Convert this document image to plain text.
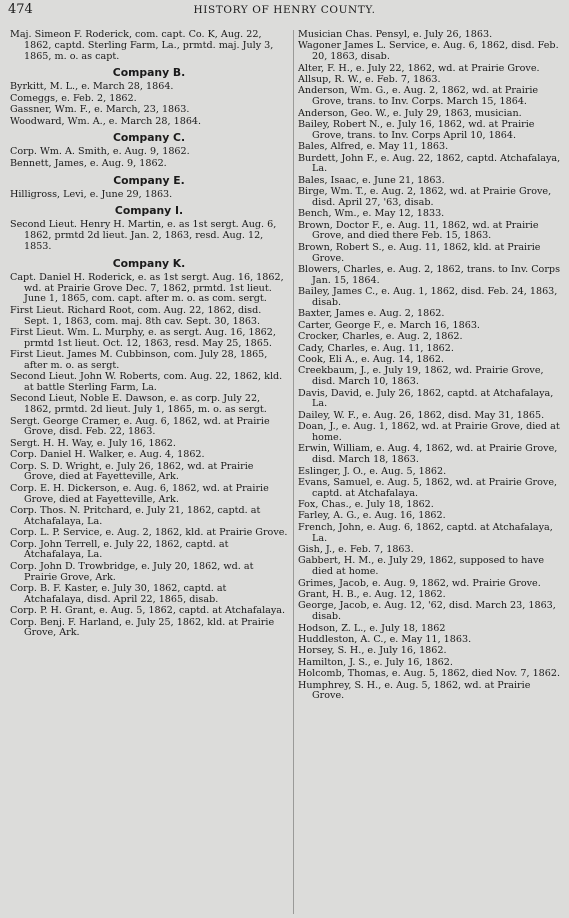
474	HISTORY OF HENRY COUNTY.
Maj. Simeon F. Roderick, com. capt. Co. K, Aug. 22, 1862, captd. Sterling Farm, La., prmtd. maj. July 3, 1865, m. o. as capt.
Company B.
Byrkitt, M. L., e. March 28, 1864.
Comeggs, e. Feb. 2, 1862.
Gassner, Wm. F., e. March, 23, 1863.
Woodward, Wm. A., e. March 28, 1864.
Company C.
Corp. Wm. A. Smith, e. Aug. 9, 1862.
Bennett, James, e. Aug. 9, 1862.
Company E.
Hilligross, Levi, e. June 29, 1863.
Company I.
Second Lieut. Henry H. Martin, e. as 1st sergt. Aug. 6, 1862, prmtd 2d lieut. Jan. 2, 1863, resd. Aug. 12, 1853.
Company K.
Capt. Daniel H. Roderick, e. as 1st sergt. Aug. 16, 1862, wd. at Prairie Grove Dec. 7, 1862, prmtd. 1st lieut. June 1, 1865, com. capt. after m. o. as com. sergt.
First Lieut. Richard Root, com. Aug. 22, 1862, disd. Sept. 1, 1863, com. maj. 8th cav. Sept. 30, 1863.
First Lieut. Wm. L. Murphy, e. as sergt. Aug. 16, 1862, prmtd 1st lieut. Oct. 12, 1863, resd. May 25, 1865.
First Lieut. James M. Cubbinson, com. July 28, 1865, after m. o. as sergt.
Second Lieut. John W. Roberts, com. Aug. 22, 1862, kld. at battle Sterling Farm, La.
Second Lieut, Noble E. Dawson, e. as corp. July 22, 1862, prmtd. 2d lieut. July 1, 1865, m. o. as sergt.
Sergt. George Cramer, e. Aug. 6, 1862, wd. at Prairie Grove, disd. Feb. 22, 1863.
Sergt. H. H. Way, e. July 16, 1862.
Corp. Daniel H. Walker, e. Aug. 4, 1862.
Corp. S. D. Wright, e. July 26, 1862, wd. at Prairie Grove, died at Fayetteville, Ark.
Corp. E. H. Dickerson, e. Aug. 6, 1862, wd. at Prairie Grove, died at Fayetteville, Ark.
Corp. Thos. N. Pritchard, e. July 21, 1862, captd. at Atchafalaya, La.
Corp. L. P. Service, e. Aug. 2, 1862, kld. at Prairie Grove.
Corp. John Terrell, e. July 22, 1862, captd. at Atchafalaya, La.
Corp. John D. Trowbridge, e. July 20, 1862, wd. at Prairie Grove, Ark.
Corp. B. F. Kaster, e. July 30, 1862, captd. at Atchafalaya, disd. April 22, 1865, disab.
Corp. P. H. Grant, e. Aug. 5, 1862, captd. at Atchafalaya.
Corp. Benj. F. Harland, e. July 25, 1862, kld. at Prairie Grove, Ark.
Musician Chas. Pensyl, e. July 26, 1863.
Wagoner James L. Service, e. Aug. 6, 1862, disd. Feb. 20, 1863, disab.
Alter, F. H., e. July 22, 1862, wd. at Prairie Grove.
Allsup, R. W., e. Feb. 7, 1863.
Anderson, Wm. G., e. Aug. 2, 1862, wd. at Prairie Grove, trans. to Inv. Corps. March 15, 1864.
Anderson, Geo. W., e. July 29, 1863, musician.
Bailey, Robert N., e. July 16, 1862, wd. at Prairie Grove, trans. to Inv. Corps April 10, 1864.
Bales, Alfred, e. May 11, 1863.
Burdett, John F., e. Aug. 22, 1862, captd. Atchafalaya, La.
Bales, Isaac, e. June 21, 1863.
Birge, Wm. T., e. Aug. 2, 1862, wd. at Prairie Grove, disd. April 27, '63, disab.
Bench, Wm., e. May 12, 1833.
Brown, Doctor F., e. Aug. 11, 1862, wd. at Prairie Grove, and died there Feb. 15, 1863.
Brown, Robert S., e. Aug. 11, 1862, kld. at Prairie Grove.
Blowers, Charles, e. Aug. 2, 1862, trans. to Inv. Corps Jan. 15, 1864.
Bailey, James C., e. Aug. 1, 1862, disd. Feb. 24, 1863, disab.
Baxter, James e. Aug. 2, 1862.
Carter, George F., e. March 16, 1863.
Crocker, Charles, e. Aug. 2, 1862.
Cady, Charles, e. Aug. 11, 1862.
Cook, Eli A., e. Aug. 14, 1862.
Creekbaum, J., e. July 19, 1862, wd. Prairie Grove, disd. March 10, 1863.
Davis, David, e. July 26, 1862, captd. at Atchafalaya, La.
Dailey, W. F., e. Aug. 26, 1862, disd. May 31, 1865.
Doan, J., e. Aug. 1, 1862, wd. at Prairie Grove, died at home.
Erwin, William, e. Aug. 4, 1862, wd. at Prairie Grove, disd. March 18, 1863.
Eslinger, J. O., e. Aug. 5, 1862.
Evans, Samuel, e. Aug. 5, 1862, wd. at Prairie Grove, captd. at Atchafalaya.
Fox, Chas., e. July 18, 1862.
Farley, A. G., e. Aug. 16, 1862.
French, John, e. Aug. 6, 1862, captd. at Atchafalaya, La.
Gish, J., e. Feb. 7, 1863.
Gabbert, H. M., e. July 29, 1862, supposed to have died at home.
Grimes, Jacob, e. Aug. 9, 1862, wd. Prairie Grove.
Grant, H. B., e. Aug. 12, 1862.
George, Jacob, e. Aug. 12, '62, disd. March 23, 1863, disab.
Hodson, Z. L., e. July 18, 1862
Huddleston, A. C., e. May 11, 1863.
Horsey, S. H., e. July 16, 1862.
Hamilton, J. S., e. July 16, 1862.
Holcomb, Thomas, e. Aug. 5, 1862, died Nov. 7, 1862.
Humphrey, S. H., e. Aug. 5, 1862, wd. at Prairie Grove.
